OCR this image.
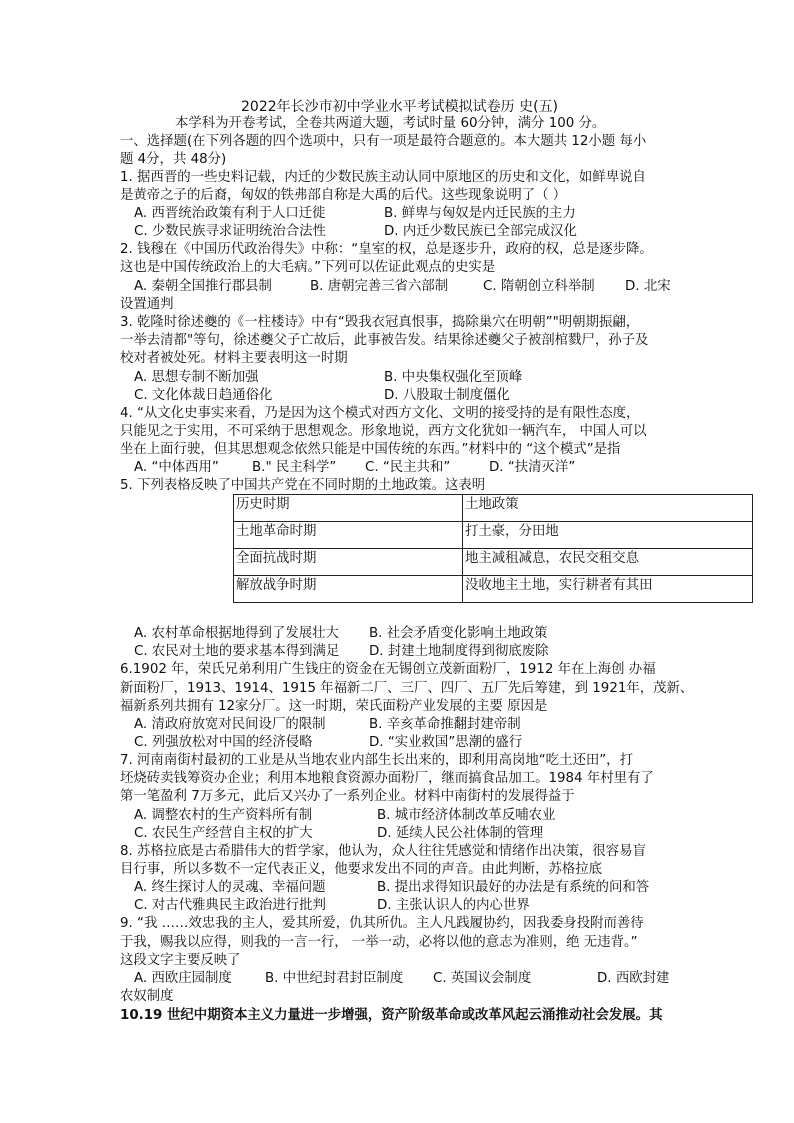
2022年长沙市初中学业水平考试模拟试卷历 史(五)
本学科为开卷考试，全卷共两道大题，考试时量 60分钟，满分 100 分。
一、选择题(在下列各题的四个选项中，只有一项是最符合题意的。本大题共 12小题 每小
题 4分，共 48分)
1. 据西晋的一些史料记载，内迁的少数民族主动认同中原地区的历史和文化，如鲜卑说自
是黄帝之子的后裔，匈奴的铁弗部自称是大禹的后代。这些现象说明了（ ）
A. 西晋统治政策有利于人口迁徙	B. 鲜卑与匈奴是内迁民族的主力
C. 少数民族寻求证明统治合法性	D. 内迁少数民族已全部完成汉化
2. 钱穆在《中国历代政治得失》中称：“皇室的权，总是逐步升，政府的权，总是逐步降。
这也是中国传统政治上的大毛病。”下列可以佐证此观点的史实是
A. 秦朝全国推行郡县制	B. 唐朝完善三省六部制	C. 隋朝创立科举制 D. 北宋
设置通判
3. 乾隆时徐述夔的《一柱楼诗》中有“毁我衣冠真恨事，捣除巢穴在明朝”"明朝期振翩，
一举去清都"等句，徐述夔父子亡故后，此事被告发。结果徐述夔父子被剖棺戮尸，孙子及
校对者被处死。材料主要表明这一时期
A. 思想专制不断加强	B. 中央集权强化至顶峰
C. 文化体裁日趋通俗化	D. 八股取士制度僵化
4. “从文化史事实来看，乃是因为这个模式对西方文化、文明的接受持的是有限性态度，
只能见之于实用，不可采纳于思想观念。形象地说，西方文化犹如一辆汽车， 中国人可以
坐在上面行驶，但其思想观念依然只能是中国传统的东西。”材料中的 “这个模式”是指
A. “中体西用” B." 民主科学” C. “民主共和”	D. “扶清灭洋”
5. 下列表格反映了中国共产党在不同时期的土地政策。这表明
历史时期	土地政策
土地革命时期	打土豪，分田地
全面抗战时期	地主减租减息，农民交租交息
解放战争时期	没收地主土地，实行耕者有其田
A. 农村革命根据地得到了发展壮大 B. 社会矛盾变化影响土地政策
C. 农民对土地的要求基本得到满足 D. 封建土地制度得到彻底废除
6.1902 年，荣氏兄弟利用广生钱庄的资金在无锡创立茂新面粉厂，1912 年在上海创 办福
新面粉厂，1913、1914、1915 年福新二厂、三厂、四厂、五厂先后筹建，到 1921年，茂新、
福新系列共拥有 12家分厂。这一时期，荣氏面粉产业发展的主要 原因是
A. 清政府放宽对民间设厂的限制	B. 辛亥革命推翻封建帝制
C. 列强放松对中国的经济侵略	D. “实业救国”思潮的盛行
7. 河南南街村最初的工业是从当地农业内部生长出来的，即利用高岗地“吃土还田”，打
坯烧砖卖钱筹资办企业；利用本地粮食资源办面粉厂，继而搞食品加工。1984 年村里有了
第一笔盈利 7万多元，此后又兴办了一系列企业。材料中南街村的发展得益于
A. 调整农村的生产资料所有制	B. 城市经济体制改革反哺农业
C. 农民生产经营自主权的扩大	D. 延续人民公社体制的管理
8. 苏格拉底是古希腊伟大的哲学家，他认为，众人往往凭感觉和情绪作出决策，很容易盲
目行事，所以多数不一定代表正义，他要求发出不同的声音。由此判断，苏格拉底
A. 终生探讨人的灵魂、幸福问题	B. 提出求得知识最好的办法是有系统的问和答
C. 对古代雅典民主政治进行批判	D. 主张认识人的内心世界
9. “我 ……效忠我的主人，爱其所爱，仇其所仇。主人凡践履协约，因我委身投附而善待
于我，赐我以应得，则我的一言一行， 一举一动，必将以他的意志为准则，绝 无违背。”
这段文字主要反映了
A. 西欧庄园制度 B. 中世纪封君封臣制度 C. 英国议会制度	D. 西欧封建
农奴制度
10.19 世纪中期资本主义力量进一步增强，资产阶级革命或改革风起云涌推动社会发展。其
